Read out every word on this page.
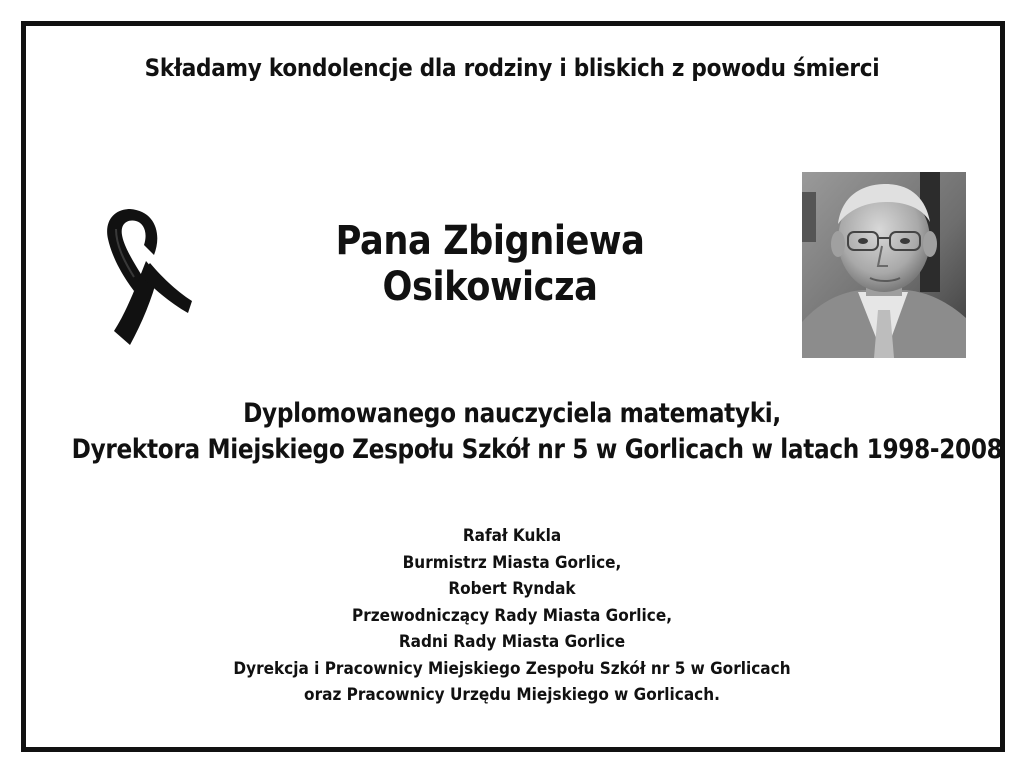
Składamy kondolencje dla rodziny i bliskich z powodu śmierci
Pana Zbigniewa Osikowicza
Dyplomowanego nauczyciela matematyki,
Dyrektora Miejskiego Zespołu Szkół nr 5 w Gorlicach w latach 1998-2008
Rafał Kukla
Burmistrz Miasta Gorlice,
Robert Ryndak
Przewodniczący Rady Miasta Gorlice,
Radni Rady Miasta Gorlice
Dyrekcja i Pracownicy Miejskiego Zespołu Szkół nr 5 w Gorlicach
oraz Pracownicy Urzędu Miejskiego w Gorlicach.
